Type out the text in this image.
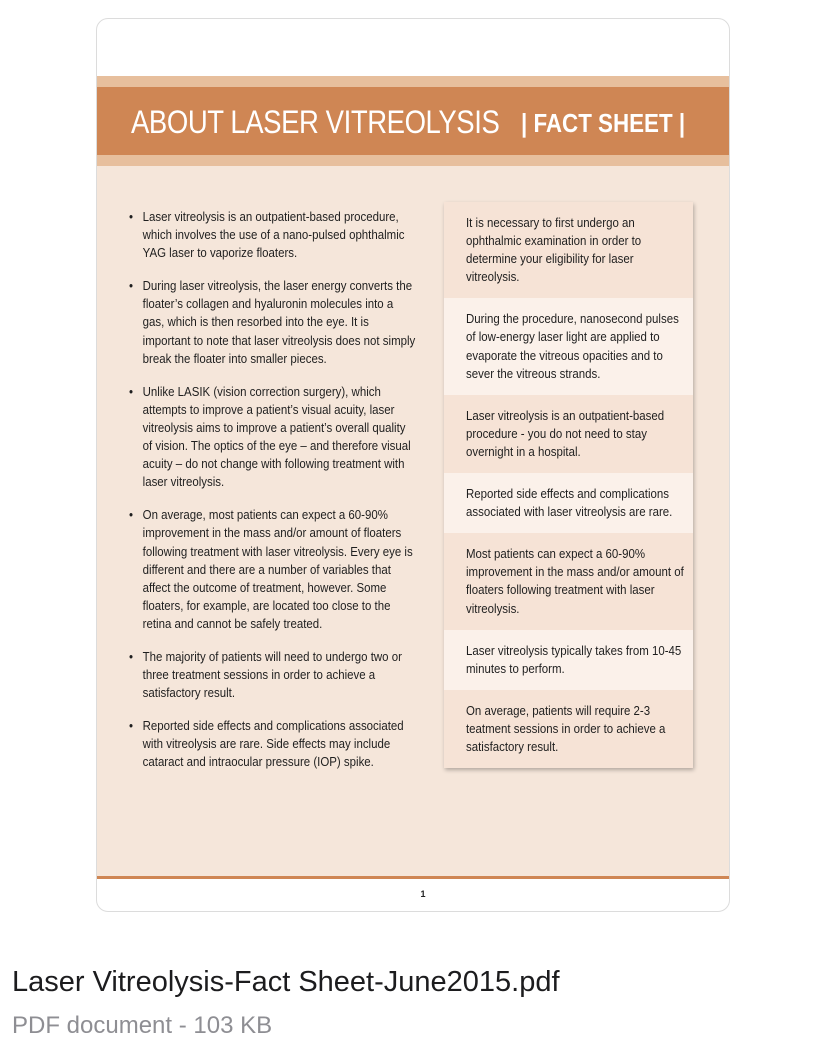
ABOUT LASER VITREOLYSIS | FACT SHEET |
• Laser vitreolysis is an outpatient-based procedure, which involves the use of a nano-pulsed ophthalmic YAG laser to vaporize floaters.
• During laser vitreolysis, the laser energy converts the floater’s collagen and hyaluronin molecules into a gas, which is then resorbed into the eye. It is important to note that laser vitreolysis does not simply break the floater into smaller pieces.
• Unlike LASIK (vision correction surgery), which attempts to improve a patient’s visual acuity, laser vitreolysis aims to improve a patient’s overall quality of vision. The optics of the eye – and therefore visual acuity – do not change with following treatment with laser vitreolysis.
• On average, most patients can expect a 60-90% improvement in the mass and/or amount of floaters following treatment with laser vitreolysis. Every eye is different and there are a number of variables that affect the outcome of treatment, however. Some floaters, for example, are located too close to the retina and cannot be safely treated.
• The majority of patients will need to undergo two or three treatment sessions in order to achieve a satisfactory result.
• Reported side effects and complications associated with vitreolysis are rare. Side effects may include cataract and intraocular pressure (IOP) spike.
It is necessary to first undergo an ophthalmic examination in order to determine your eligibility for laser vitreolysis.
During the procedure, nanosecond pulses of low-energy laser light are applied to evaporate the vitreous opacities and to sever the vitreous strands.
Laser vitreolysis is an outpatient-based procedure - you do not need to stay overnight in a hospital.
Reported side effects and complications associated with laser vitreolysis are rare.
Most patients can expect a 60-90% improvement in the mass and/or amount of floaters following treatment with laser vitreolysis.
Laser vitreolysis typically takes from 10-45 minutes to perform.
On average, patients will require 2-3 teatment sessions in order to achieve a satisfactory result.
1
Laser Vitreolysis-Fact Sheet-June2015.pdf
PDF document - 103 KB
